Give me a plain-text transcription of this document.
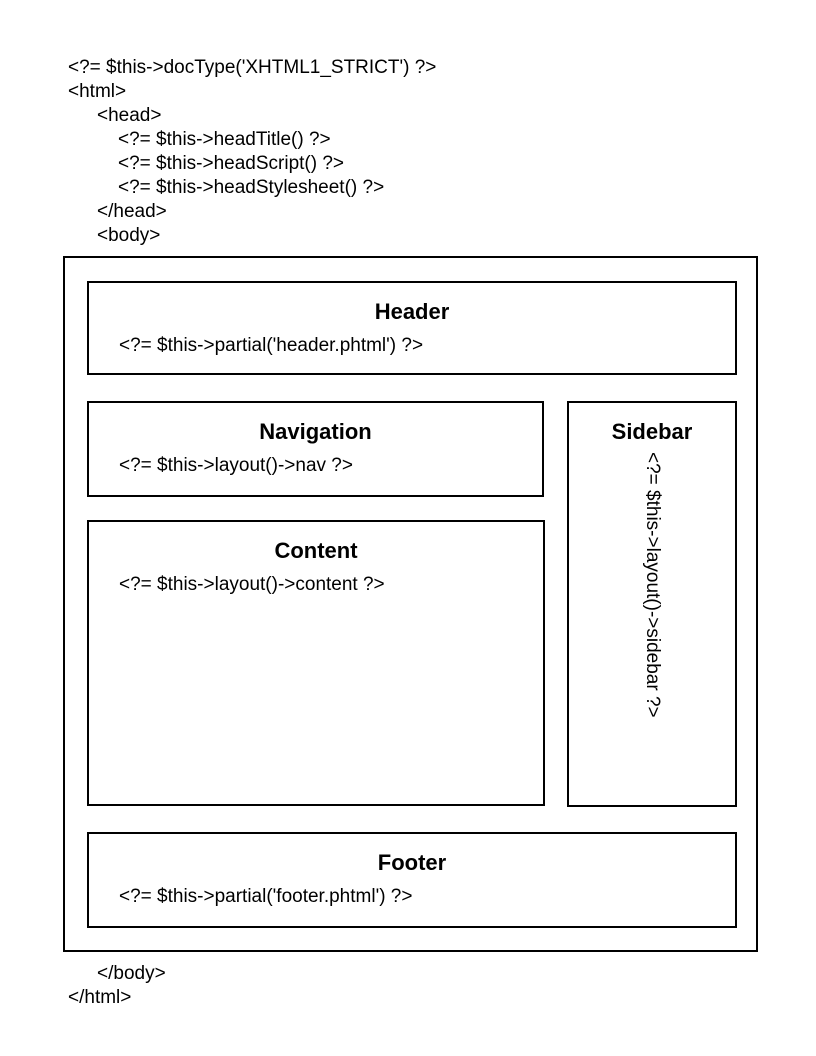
<?= $this->docType('XHTML1_STRICT') ?>
<html>
<head>
<?= $this->headTitle() ?>
<?= $this->headScript() ?>
<?= $this->headStylesheet() ?>
</head>
<body>
Header
<?= $this->partial('header.phtml') ?>
Navigation
<?= $this->layout()->nav ?>
Sidebar
<?= $this->layout()->sidebar ?>
Content
<?= $this->layout()->content ?>
Footer
<?= $this->partial('footer.phtml') ?>
</body>
</html>
